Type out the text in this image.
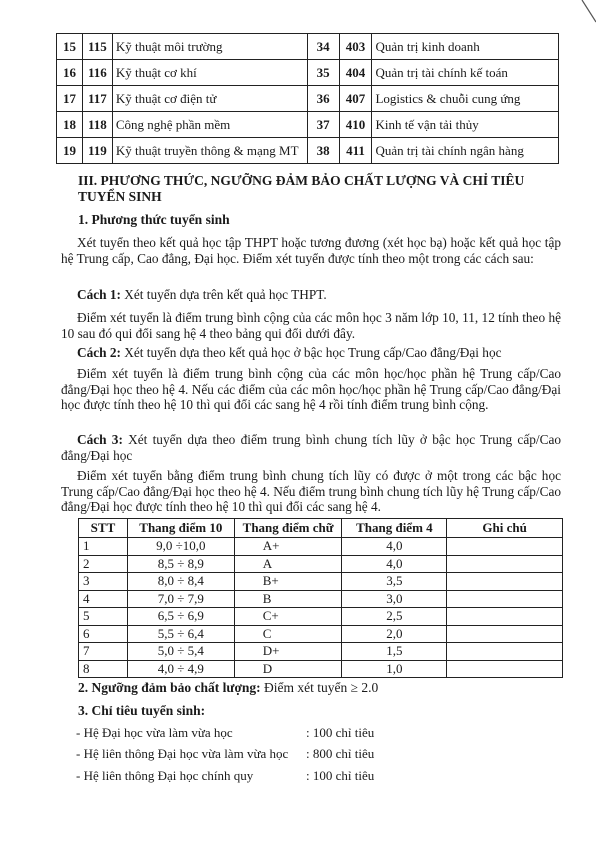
15	115	Kỹ thuật môi trường	34	403	Quản trị kinh doanh
16	116	Kỹ thuật cơ khí	35	404	Quản trị tài chính kế toán
17	117	Kỹ thuật cơ điện tử	36	407	Logistics & chuỗi cung ứng
18	118	Công nghệ phần mềm	37	410	Kinh tế vận tải thủy
19	119	Kỹ thuật truyền thông & mạng MT	38	411	Quản trị tài chính ngân hàng
III. PHƯƠNG THỨC, NGƯỠNG ĐẢM BẢO CHẤT LƯỢNG VÀ CHỈ TIÊU
TUYỂN SINH
1. Phương thức tuyển sinh
Xét tuyển theo kết quả học tập THPT hoặc tương đương (xét học bạ) hoặc kết quả học tập hệ Trung cấp, Cao đẳng, Đại học. Điểm xét tuyển được tính theo một trong các cách sau:
Cách 1: Xét tuyển dựa trên kết quả học THPT.
Điểm xét tuyển là điểm trung bình cộng của các môn học 3 năm lớp 10, 11, 12 tính theo hệ 10 sau đó qui đổi sang hệ 4 theo bảng qui đổi dưới đây.
Cách 2: Xét tuyển dựa theo kết quả học ở bậc học Trung cấp/Cao đẳng/Đại học
Điểm xét tuyển là điểm trung bình cộng của các môn học/học phần hệ Trung cấp/Cao đẳng/Đại học theo hệ 4. Nếu các điểm của các môn học/học phần hệ Trung cấp/Cao đẳng/Đại học được tính theo hệ 10 thì qui đổi các sang hệ 4 rồi tính điểm trung bình cộng.
Cách 3: Xét tuyển dựa theo điểm trung bình chung tích lũy ở bậc học Trung cấp/Cao đẳng/Đại học
Điểm xét tuyển bằng điểm trung bình chung tích lũy có được ở một trong các bậc học Trung cấp/Cao đẳng/Đại học theo hệ 4. Nếu điểm trung bình chung tích lũy hệ Trung cấp/Cao đẳng/Đại học được tính theo hệ 10 thì qui đổi các sang hệ 4.
STT	Thang điểm 10	Thang điểm chữ	Thang điểm 4	Ghi chú
1	9,0 ÷10,0	A+	4,0	
2	8,5 ÷ 8,9	A	4,0	
3	8,0 ÷ 8,4	B+	3,5	
4	7,0 ÷ 7,9	B	3,0	
5	6,5 ÷ 6,9	C+	2,5	
6	5,5 ÷ 6,4	C	2,0	
7	5,0 ÷ 5,4	D+	1,5	
8	4,0 ÷ 4,9	D	1,0	
2. Ngưỡng đảm bảo chất lượng: Điểm xét tuyển ≥ 2.0
3. Chỉ tiêu tuyển sinh:
- Hệ Đại học vừa làm vừa học	: 100 chỉ tiêu
- Hệ liên thông Đại học vừa làm vừa học : 800 chỉ tiêu
- Hệ liên thông Đại học chính quy	: 100 chỉ tiêu
